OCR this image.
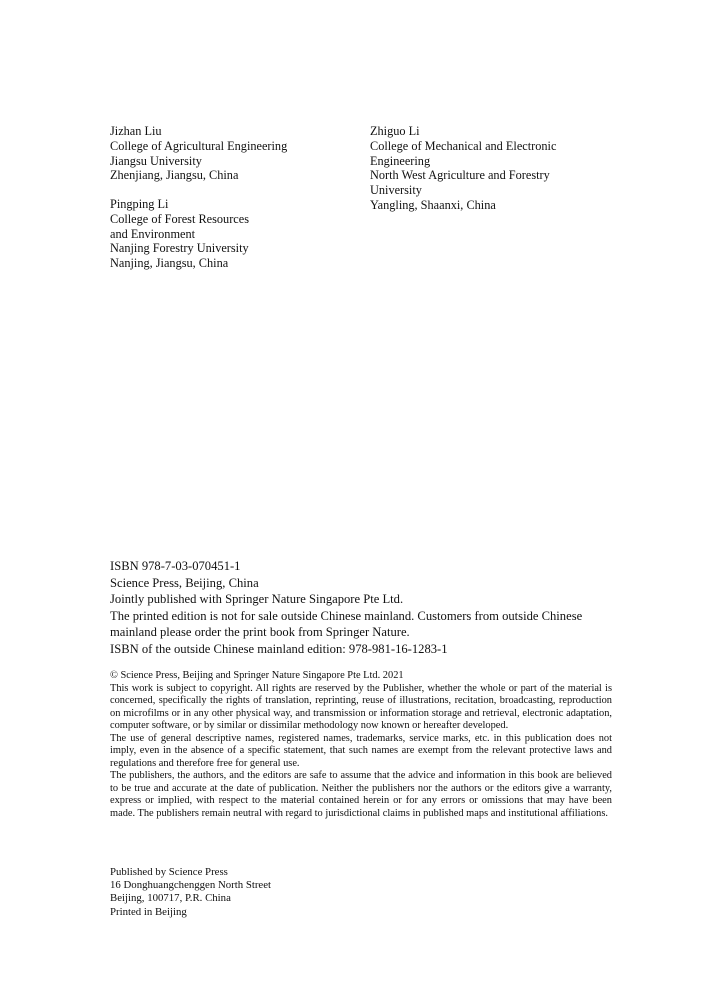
Jizhan Liu
College of Agricultural Engineering
Jiangsu University
Zhenjiang, Jiangsu, China
Zhiguo Li
College of Mechanical and Electronic
Engineering
North West Agriculture and Forestry
University
Yangling, Shaanxi, China
Pingping Li
College of Forest Resources
and Environment
Nanjing Forestry University
Nanjing, Jiangsu, China
ISBN 978-7-03-070451-1
Science Press, Beijing, China
Jointly published with Springer Nature Singapore Pte Ltd.
The printed edition is not for sale outside Chinese mainland. Customers from outside Chinese
mainland please order the print book from Springer Nature.
ISBN of the outside Chinese mainland edition: 978-981-16-1283-1

© Science Press, Beijing and Springer Nature Singapore Pte Ltd. 2021

This work is subject to copyright. All rights are reserved by the Publisher, whether the whole or part of the material is concerned, specifically the rights of translation, reprinting, reuse of illustrations, recitation, broadcasting, reproduction on microfilms or in any other physical way, and transmission or information storage and retrieval, electronic adaptation, computer software, or by similar or dissimilar methodology now known or hereafter developed.

The use of general descriptive names, registered names, trademarks, service marks, etc. in this publication does not imply, even in the absence of a specific statement, that such names are exempt from the relevant protective laws and regulations and therefore free for general use.

The publishers, the authors, and the editors are safe to assume that the advice and information in this book are believed to be true and accurate at the date of publication. Neither the publishers nor the authors or the editors give a warranty, express or implied, with respect to the material contained herein or for any errors or omissions that may have been made. The publishers remain neutral with regard to jurisdictional claims in published maps and institutional affiliations.

Published by Science Press
16 Donghuangchenggen North Street
Beijing, 100717, P.R. China
Printed in Beijing
